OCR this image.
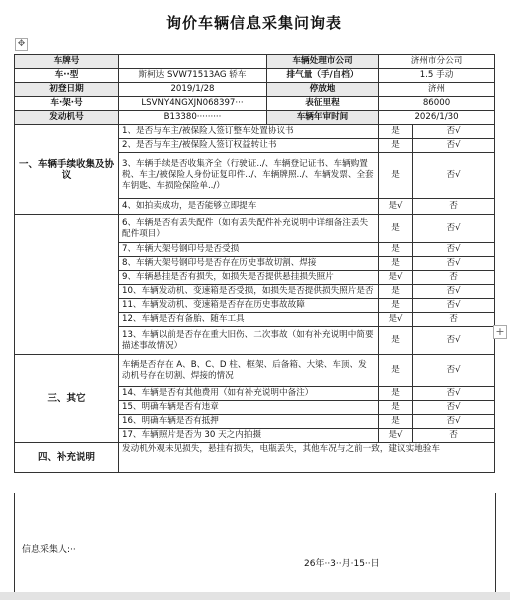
询价车辆信息采集问询表
✥
车牌号		车辆处理市公司	济州市分公司	
车··型	斯柯达 SVW71513AG 轿车	排气量（手/自档）	1.5 手动	
初登日期	2019/1/28	停放地	济州	
车·架·号	LSVNY4NGXJN068397···	表征里程	86000	
发动机号	B13380·········	车辆年审时间	2026/1/30	
一、车辆手续收集及协议	1、是否与车主/被保险人签订整车处置协议书		是	否√
	2、是否与车主/被保险人签订权益转让书		是	否√
	3、车辆手续是否收集齐全（行驶证../、车辆登记证书、车辆购置税、车主/被保险人身份证复印件../、车辆牌照../、车辆发票、全套车钥匙、车损险保险单../）		是	否√
	4、如拍卖成功，是否能够立即提车		是√	否
	6、车辆是否有丢失配件（如有丢失配件补充说明中详细备注丢失配件项目）		是	否√
	7、车辆大架号钢印号是否受损		是	否√
	8、车辆大架号钢印号是否存在历史事故切割、焊接		是	否√
	9、车辆悬挂是否有损失，如损失是否提供悬挂损失照片		是√	否
	10、车辆发动机、变速箱是否受损，如损失是否提供损失照片是否		是	否√
	11、车辆发动机、变速箱是否存在历史事故故障		是	否√
	12、车辆是否有备胎、随车工具		是√	否
	13、车辆以前是否存在重大旧伤、二次事故（如有补充说明中简要描述事故情况）		是	否√
三、其它	车辆是否存在 A、B、C、D 柱、框架、后备箱、大梁、车顶、发动机号存在切割、焊接的情况		是	否√
	14、车辆是否有其他费用（如有补充说明中备注）		是	否√
	15、明确车辆是否有违章		是	否√
	16、明确车辆是否有抵押		是	否√
	17、车辆照片是否为 30 天之内拍摄		是√	否
四、补充说明	发动机外观未见损失，悬挂有损失，电瓶丢失，其他车况与之前一致，建议实地验车			
信息采集人:··
26年··3··月·15··日
+
